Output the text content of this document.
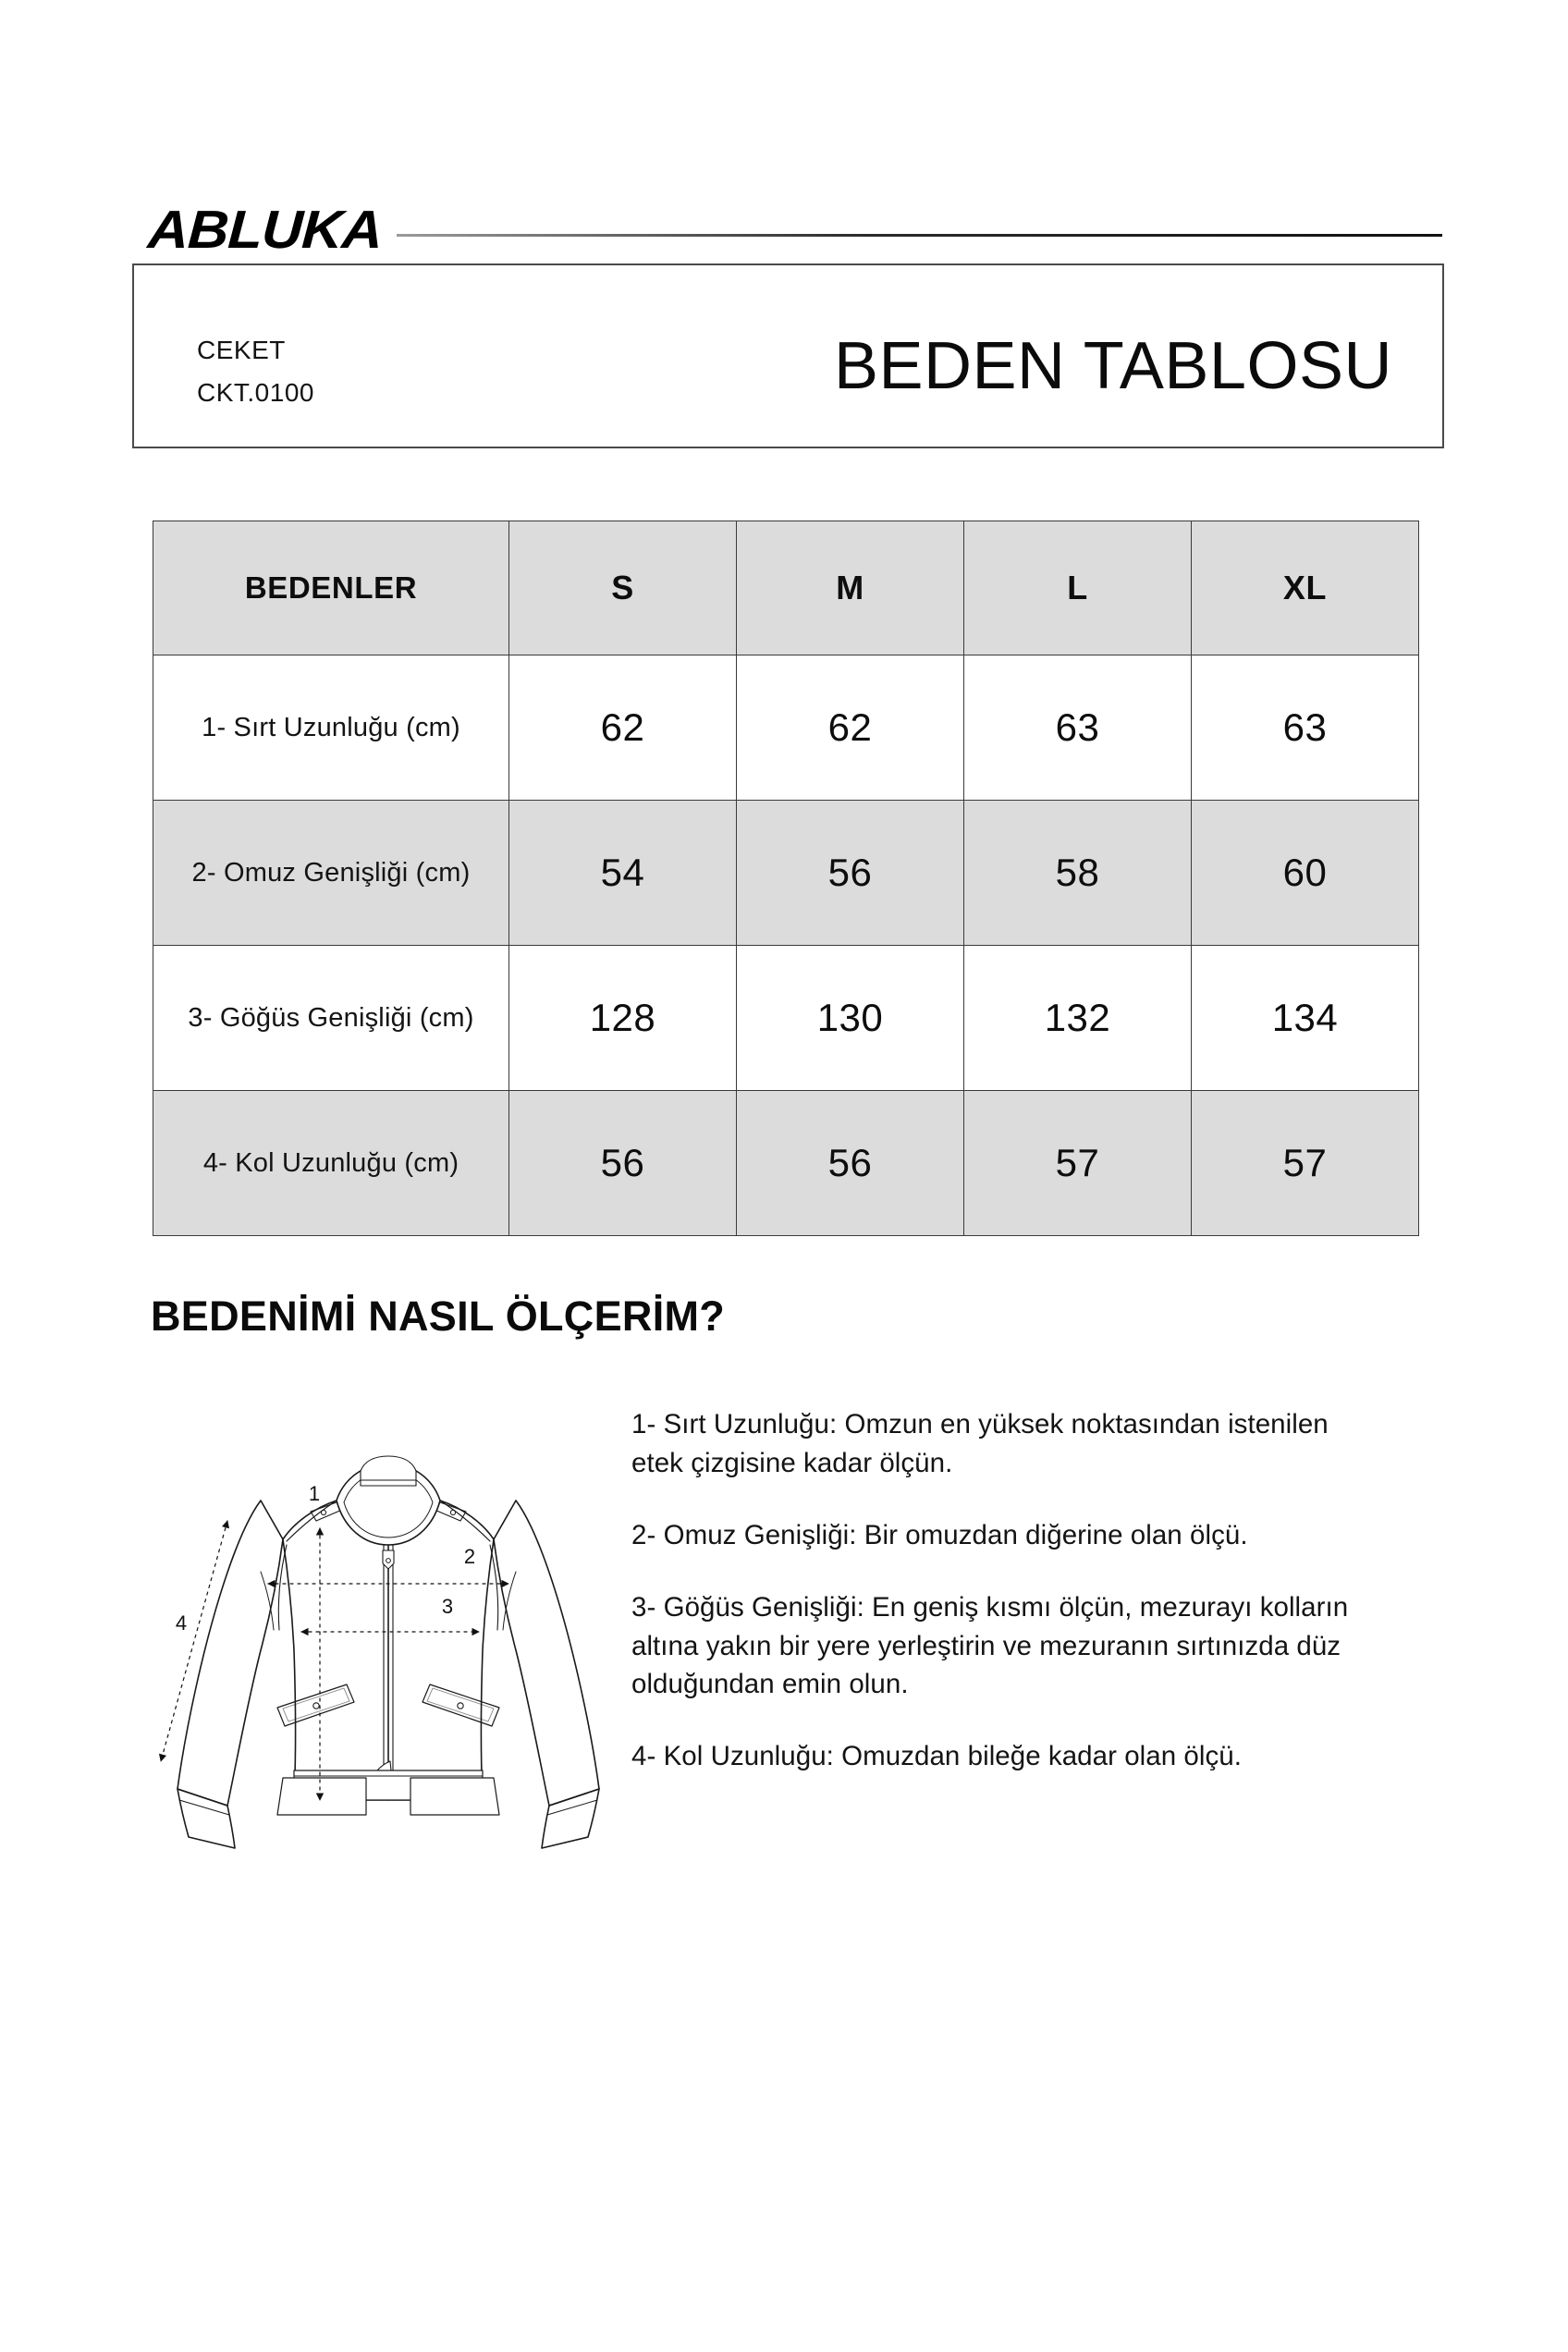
ABLUKA
CEKET
CKT.0100	BEDEN TABLOSU
BEDENLER	S	M	L	XL
1- Sırt Uzunluğu (cm)	62	62	63	63
2- Omuz Genişliği (cm)	54	56	58	60
3- Göğüs Genişliği (cm)	128	130	132	134
4- Kol Uzunluğu (cm)	56	56	57	57
BEDENİMİ NASIL ÖLÇERİM?
1
2
3
4

1- Sırt Uzunluğu: Omzun en yüksek noktasından istenilen etek çizgisine kadar ölçün.

2- Omuz Genişliği: Bir omuzdan diğerine olan ölçü.

3- Göğüs Genişliği: En geniş kısmı ölçün, mezurayı kolların altına yakın bir yere yerleştirin ve mezuranın sırtınızda düz olduğundan emin olun.

4- Kol Uzunluğu: Omuzdan bileğe kadar olan ölçü.
